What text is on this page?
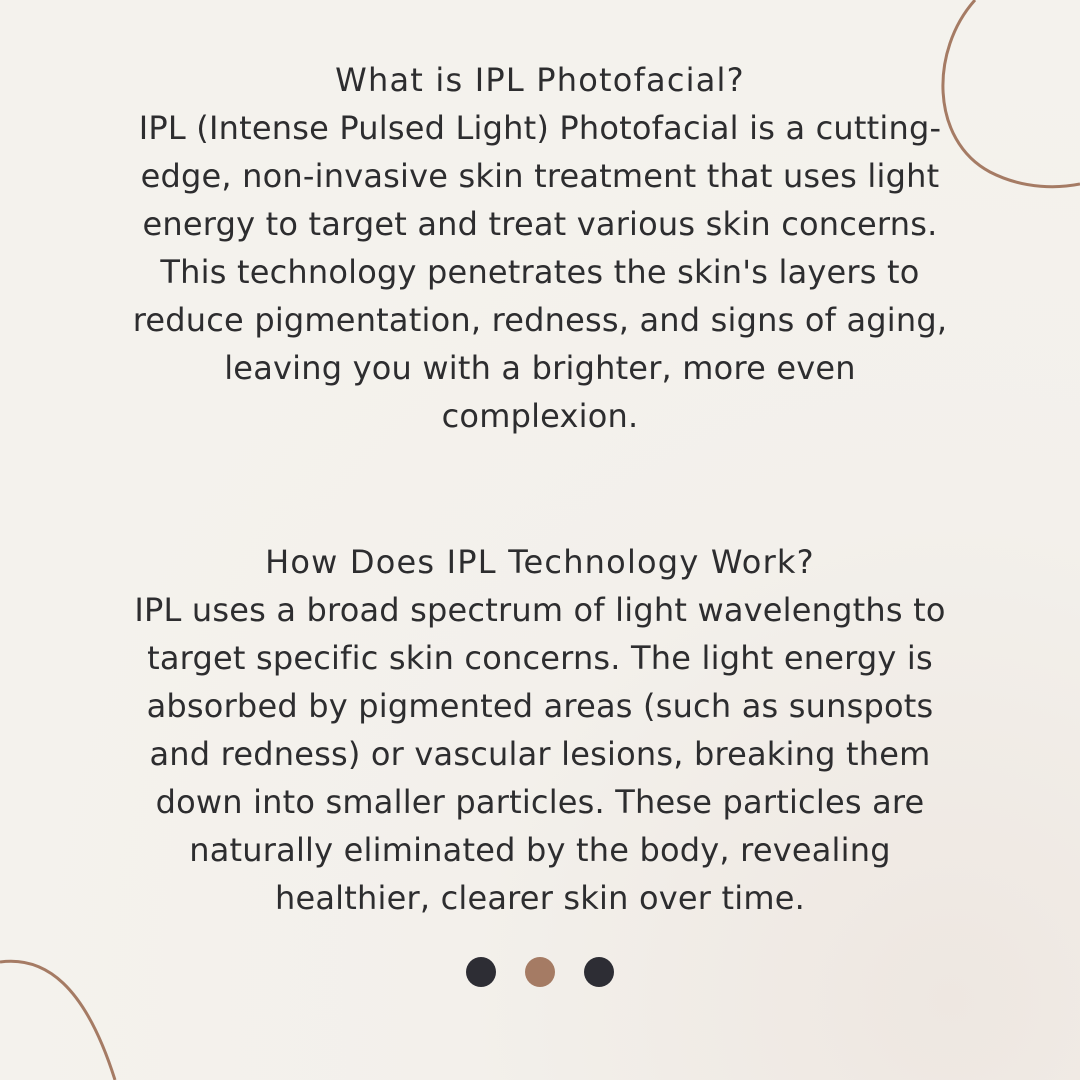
What is IPL Photofacial?
IPL (Intense Pulsed Light) Photofacial is a cutting-edge, non-invasive skin treatment that uses light energy to target and treat various skin concerns. This technology penetrates the skin's layers to reduce pigmentation, redness, and signs of aging, leaving you with a brighter, more even complexion.
How Does IPL Technology Work?
IPL uses a broad spectrum of light wavelengths to target specific skin concerns. The light energy is absorbed by pigmented areas (such as sunspots and redness) or vascular lesions, breaking them down into smaller particles. These particles are naturally eliminated by the body, revealing healthier, clearer skin over time.
